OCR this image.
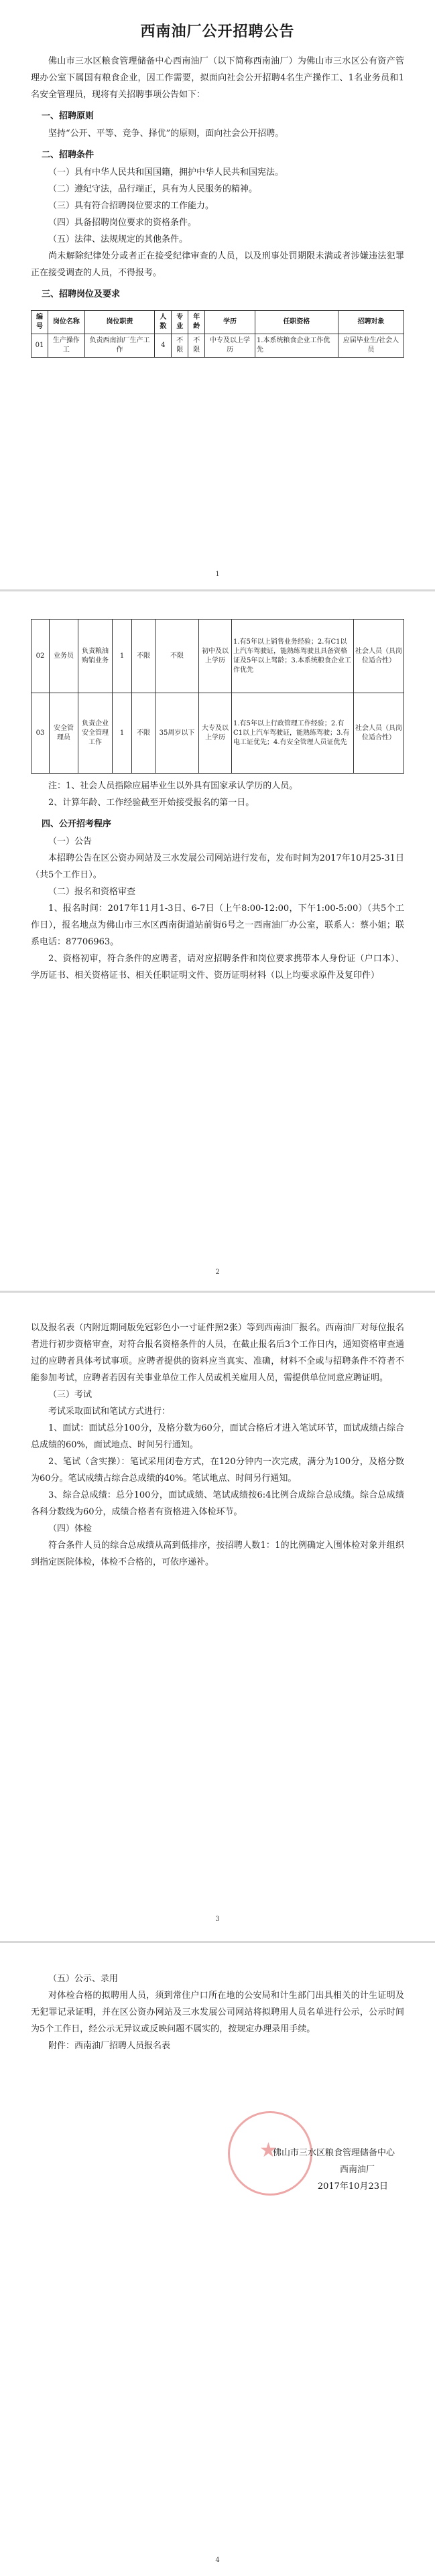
西南油厂公开招聘公告

佛山市三水区粮食管理储备中心西南油厂（以下简称西南油厂）为佛山市三水区公有资产管理办公室下属国有粮食企业，因工作需要，拟面向社会公开招聘4名生产操作工、1名业务员和1名安全管理员，现将有关招聘事项公告如下：

一、招聘原则

坚持“公开、平等、竞争、择优”的原则，面向社会公开招聘。

二、招聘条件

（一）具有中华人民共和国国籍，拥护中华人民共和国宪法。

（二）遵纪守法，品行端正，具有为人民服务的精神。

（三）具有符合招聘岗位要求的工作能力。

（四）具备招聘岗位要求的资格条件。

（五）法律、法规规定的其他条件。

尚未解除纪律处分或者正在接受纪律审查的人员，以及刑事处罚期限未满或者涉嫌违法犯罪正在接受调查的人员，不得报考。

三、招聘岗位及要求
编号	岗位名称	岗位职责	人数	专业	年龄	学历	任职资格	招聘对象
01	生产操作工	负责西南油厂生产工作	4	不限	不限	中专及以上学历	1.本系统粮食企业工作优先	应届毕业生/社会人员
1
02	业务员	负责粮油购销业务	1	不限	不限	初中及以上学历	1.有5年以上销售业务经验；2.有C1以上汽车驾驶证，能熟练驾驶且具备资格证及5年以上驾龄；3.本系统粮食企业工作优先	社会人员（具岗位适合性）
03	安全管理员	负责企业安全管理工作	1	不限	35周岁以下	大专及以上学历	1.有5年以上行政管理工作经验；2.有C1以上汽车驾驶证，能熟练驾驶；3.有电工证优先；4.有安全管理人员证优先	社会人员（具岗位适合性）

注：1、社会人员指除应届毕业生以外具有国家承认学历的人员。

2、计算年龄、工作经验截至开始接受报名的第一日。

四、公开招考程序

（一）公告

本招聘公告在区公资办网站及三水发展公司网站进行发布，发布时间为2017年10月25-31日（共5个工作日）。

（二）报名和资格审查

1、报名时间：2017年11月1-3日、6-7日（上午8:00-12:00，下午1:00-5:00）（共5个工作日），报名地点为佛山市三水区西南街道站前街6号之一西南油厂办公室，联系人：蔡小姐；联系电话：87706963。

2、资格初审，符合条件的应聘者，请对应招聘条件和岗位要求携带本人身份证（户口本）、学历证书、相关资格证书、相关任职证明文件、资历证明材料（以上均要求原件及复印件）

2

以及报名表（内附近期同版免冠彩色小一寸证件照2张）等到西南油厂报名。西南油厂对每位报名者进行初步资格审查，对符合报名资格条件的人员，在截止报名后3个工作日内，通知资格审查通过的应聘者具体考试事项。应聘者提供的资料应当真实、准确，材料不全或与招聘条件不符者不能参加考试，应聘者若因有关事业单位工作人员或机关雇用人员，需提供单位同意应聘证明。

（三）考试

考试采取面试和笔试方式进行：

1、面试：面试总分100分，及格分数为60分，面试合格后才进入笔试环节，面试成绩占综合总成绩的60%，面试地点、时间另行通知。

2、笔试（含实操）：笔试采用闭卷方式，在120分钟内一次完成，满分为100分，及格分数为60分。笔试成绩占综合总成绩的40%。笔试地点、时间另行通知。

3、综合总成绩：总分100分，面试成绩、笔试成绩按6:4比例合成综合总成绩。综合总成绩各科分数线为60分，成绩合格者有资格进入体检环节。

（四）体检

符合条件人员的综合总成绩从高到低排序，按招聘人数1：1的比例确定入围体检对象并组织到指定医院体检，体检不合格的，可依序递补。

3

（五）公示、录用

对体检合格的拟聘用人员，须到常住户口所在地的公安局和计生部门出具相关的计生证明及无犯罪记录证明，并在区公资办网站及三水发展公司网站将拟聘用人员名单进行公示，公示时间为5个工作日，经公示无异议或反映问题不属实的，按规定办理录用手续。

附件：西南油厂招聘人员报名表

★
佛山市三水区粮食管理储备中心
西南油厂
2017年10月23日
4
